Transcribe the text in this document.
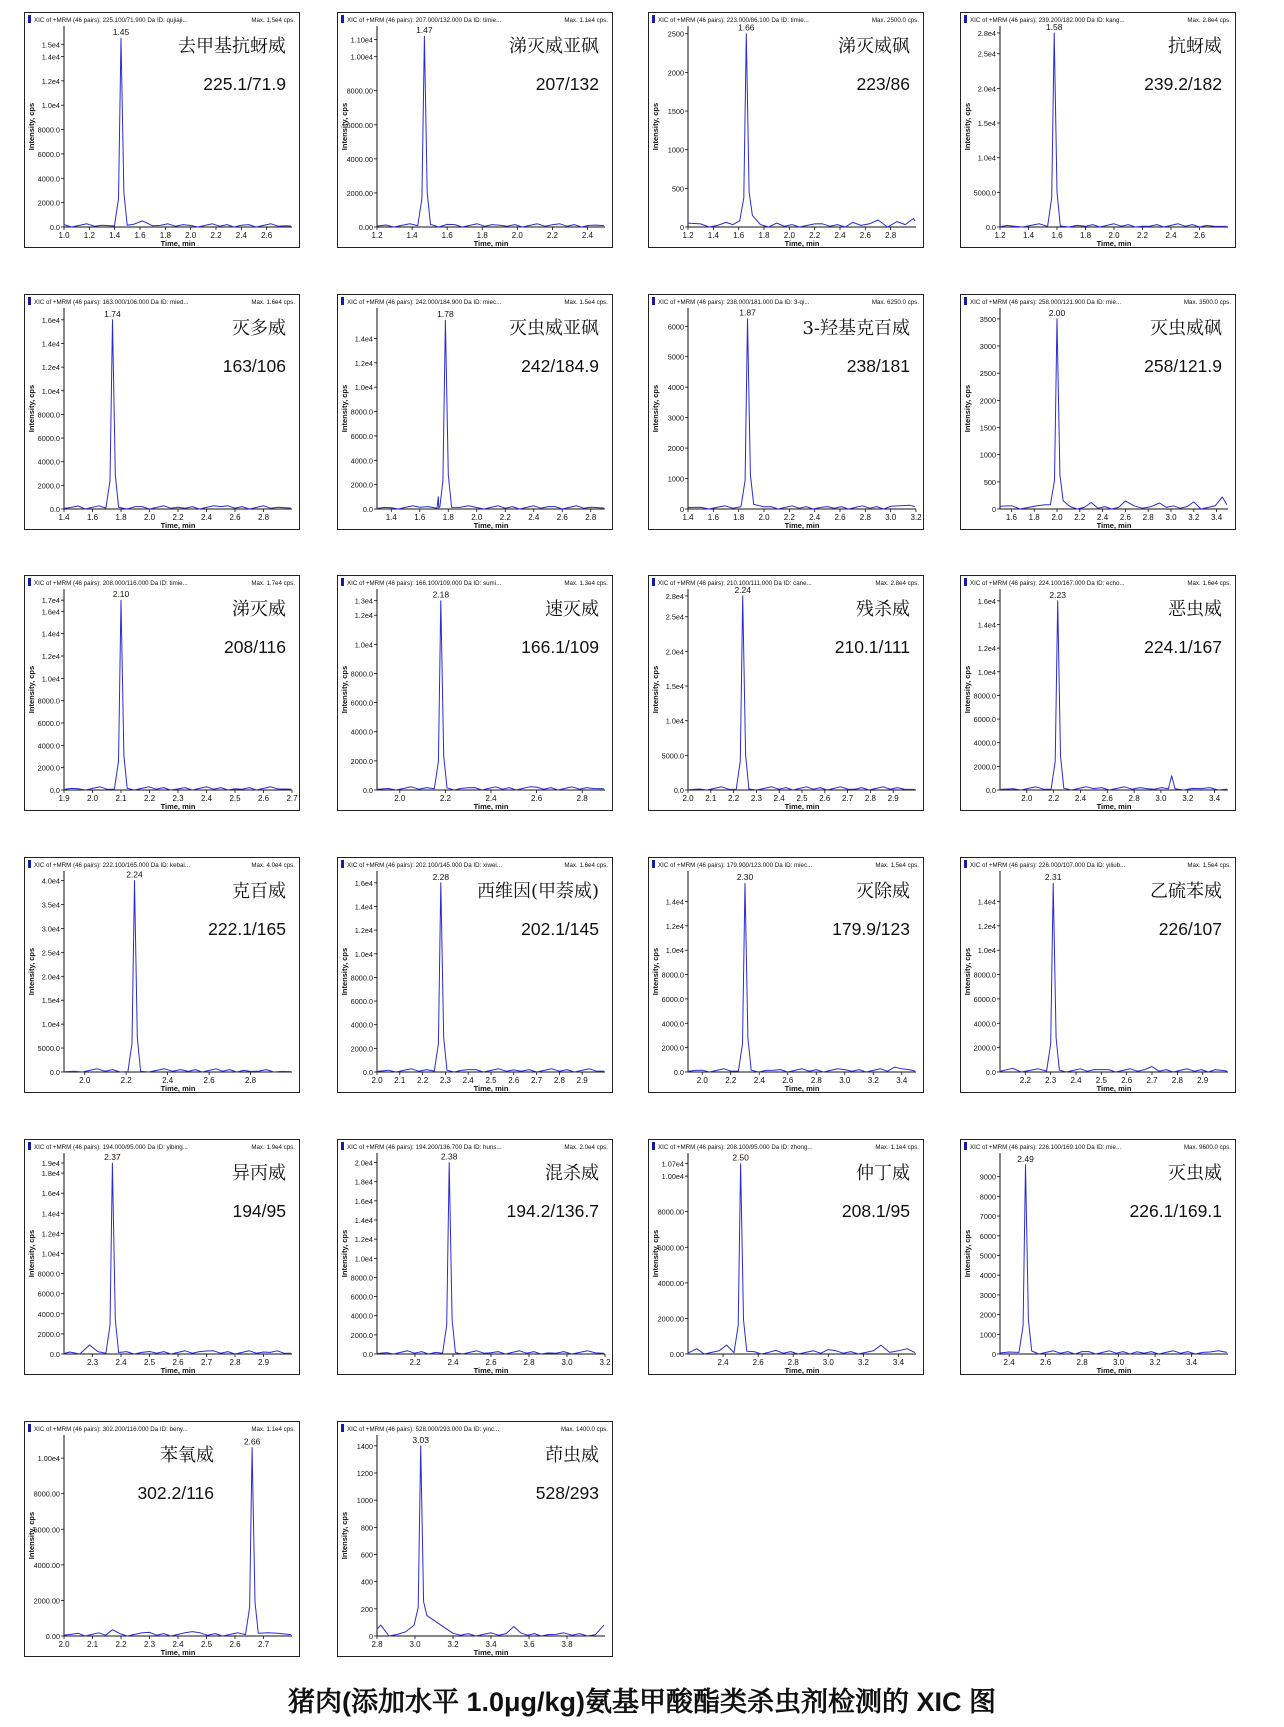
XIC of +MRM (46 pairs): 225.100/71.900 Da ID: qujiaji...	Max. 1.5e4 cps.
1.0 1.2 1.4 1.6 1.8 2.0 2.2 2.4 2.6
0.0
2000.0
4000.0
6000.0
8000.0
1.0e4
1.2e4
1.4e4
1.5e4
Time, min
Intensity, cps
1.45
去甲基抗蚜威
225.1/71.9
XIC of +MRM (46 pairs): 207.000/132.000 Da ID: timie...	Max. 1.1e4 cps.
1.2	1.4	1.6	1.8	2.0	2.2	2.4
0.00
2000.00
4000.00
6000.00
8000.00
1.00e4
1.10e4
Time, min
Intensity, cps
1.47
涕灭威亚砜
207/132
XIC of +MRM (46 pairs): 223.000/86.100 Da ID: timie...	Max. 2500.0 cps.
1.2 1.4 1.6 1.8 2.0 2.2 2.4 2.6 2.8
0
500
1000
1500
2000
2500
Time, min
Intensity, cps
1.66
涕灭威砜
223/86
XIC of +MRM (46 pairs): 239.200/182.000 Da ID: kang...	Max. 2.8e4 cps.
1.2 1.4 1.6 1.8 2.0 2.2 2.4 2.6
0.0
5000.0
1.0e4
1.5e4
2.0e4
2.5e4
2.8e4
Time, min
Intensity, cps
1.58
抗蚜威
239.2/182
XIC of +MRM (46 pairs): 163.000/106.000 Da ID: mied...	Max. 1.6e4 cps.
1.4 1.6 1.8 2.0 2.2 2.4 2.6 2.8
0.0
2000.0
4000.0
6000.0
8000.0
1.0e4
1.2e4
1.4e4
1.6e4
Time, min
Intensity, cps
1.74
灭多威
163/106
XIC of +MRM (46 pairs): 242.000/184.900 Da ID: miec...	Max. 1.5e4 cps.
1.4 1.6 1.8 2.0 2.2 2.4 2.6 2.8
0.0
2000.0
4000.0
6000.0
8000.0
1.0e4
1.2e4
1.4e4
Time, min
Intensity, cps
1.78
灭虫威亚砜
242/184.9
XIC of +MRM (46 pairs): 238.000/181.000 Da ID: 3-qi...	Max. 6250.0 cps.
1.4 1.6 1.8 2.0 2.2 2.4 2.6 2.8 3.0 3.2
0
1000
2000
3000
4000
5000
6000
Time, min
Intensity, cps
1.87
3-羟基克百威
238/181
XIC of +MRM (46 pairs): 258.000/121.900 Da ID: mie...	Max. 3500.0 cps.
1.6 1.8 2.0 2.2 2.4 2.6 2.8 3.0 3.2 3.4
0
500
1000
1500
2000
2500
3000
3500
Time, min
Intensity, cps
2.00
灭虫威砜
258/121.9
XIC of +MRM (46 pairs): 208.000/116.000 Da ID: timie...	Max. 1.7e4 cps.
1.9 2.0 2.1 2.2 2.3 2.4 2.5 2.6 2.7
0.0
2000.0
4000.0
6000.0
8000.0
1.0e4
1.2e4
1.4e4
1.6e4
1.7e4
Time, min
Intensity, cps
2.10
涕灭威
208/116
XIC of +MRM (46 pairs): 166.100/109.000 Da ID: sumi...	Max. 1.3e4 cps.
2.0	2.2	2.4	2.6	2.8
0.0
2000.0
4000.0
6000.0
8000.0
1.0e4
1.2e4
1.3e4
Time, min
Intensity, cps
2.18
速灭威
166.1/109
XIC of +MRM (46 pairs): 210.100/111.000 Da ID: cane...	Max. 2.8e4 cps.
2.0 2.1 2.2 2.3 2.4 2.5 2.6 2.7 2.8 2.9
0.0
5000.0
1.0e4
1.5e4
2.0e4
2.5e4
2.8e4
Time, min
Intensity, cps
2.24
残杀威
210.1/111
XIC of +MRM (46 pairs): 224.100/167.000 Da ID: echo...	Max. 1.6e4 cps.
2.0 2.2 2.4 2.6 2.8 3.0 3.2 3.4
0.0
2000.0
4000.0
6000.0
8000.0
1.0e4
1.2e4
1.4e4
1.6e4
Time, min
Intensity, cps
2.23
恶虫威
224.1/167
XIC of +MRM (46 pairs): 222.100/165.000 Da ID: kebai...	Max. 4.0e4 cps.
2.0	2.2	2.4	2.6	2.8
0.0
5000.0
1.0e4
1.5e4
2.0e4
2.5e4
3.0e4
3.5e4
4.0e4
Time, min
Intensity, cps
2.24
克百威
222.1/165
XIC of +MRM (46 pairs): 202.100/145.000 Da ID: xiwei...	Max. 1.6e4 cps.
2.0 2.1 2.2 2.3 2.4 2.5 2.6 2.7 2.8 2.9
0.0
2000.0
4000.0
6000.0
8000.0
1.0e4
1.2e4
1.4e4
1.6e4
Time, min
Intensity, cps
2.28
西维因(甲萘威)
202.1/145
XIC of +MRM (46 pairs): 179.900/123.000 Da ID: miec...	Max. 1.5e4 cps.
2.0 2.2 2.4 2.6 2.8 3.0 3.2 3.4
0.0
2000.0
4000.0
6000.0
8000.0
1.0e4
1.2e4
1.4e4
Time, min
Intensity, cps
2.30
灭除威
179.9/123
XIC of +MRM (46 pairs): 226.000/107.000 Da ID: yiliub...	Max. 1.5e4 cps.
2.2 2.3 2.4 2.5 2.6 2.7 2.8 2.9
0.0
2000.0
4000.0
6000.0
8000.0
1.0e4
1.2e4
1.4e4
Time, min
Intensity, cps
2.31
乙硫苯威
226/107
XIC of +MRM (46 pairs): 194.000/95.000 Da ID: yibing...	Max. 1.9e4 cps.
2.3 2.4 2.5 2.6 2.7 2.8 2.9
0.0
2000.0
4000.0
6000.0
8000.0
1.0e4
1.2e4
1.4e4
1.6e4
1.8e4
1.9e4
Time, min
Intensity, cps
2.37
异丙威
194/95
XIC of +MRM (46 pairs): 194.200/136.700 Da ID: huns...	Max. 2.0e4 cps.
2.2	2.4	2.6	2.8	3.0	3.2
0.0
2000.0
4000.0
6000.0
8000.0
1.0e4
1.2e4
1.4e4
1.6e4
1.8e4
2.0e4
Time, min
Intensity, cps
2.38
混杀威
194.2/136.7
XIC of +MRM (46 pairs): 208.100/95.000 Da ID: zhong...	Max. 1.1e4 cps.
2.4	2.6	2.8	3.0	3.2	3.4
0.00
2000.00
4000.00
6000.00
8000.00
1.00e4
1.07e4
Time, min
Intensity, cps
2.50
仲丁威
208.1/95
XIC of +MRM (46 pairs): 226.100/169.100 Da ID: mie...	Max. 9600.0 cps.
2.4	2.6	2.8	3.0	3.2	3.4
0
1000
2000
3000
4000
5000
6000
7000
8000
9000
Time, min
Intensity, cps
2.49
灭虫威
226.1/169.1
XIC of +MRM (46 pairs): 302.200/116.000 Da ID: beny...	Max. 1.1e4 cps.
2.0 2.1 2.2 2.3 2.4 2.5 2.6 2.7
0.00
2000.00
4000.00
6000.00
8000.00
1.00e4
Time, min
Intensity, cps
2.66
苯氧威
302.2/116
XIC of +MRM (46 pairs): 528.000/293.000 Da ID: yinc...	Max. 1400.0 cps.
2.8	3.0	3.2	3.4	3.6	3.8
0
200
400
600
800
1000
1200
1400
Time, min
Intensity, cps
3.03
茚虫威
528/293
猪肉(添加水平 1.0μg/kg)氨基甲酸酯类杀虫剂检测的 XIC 图
